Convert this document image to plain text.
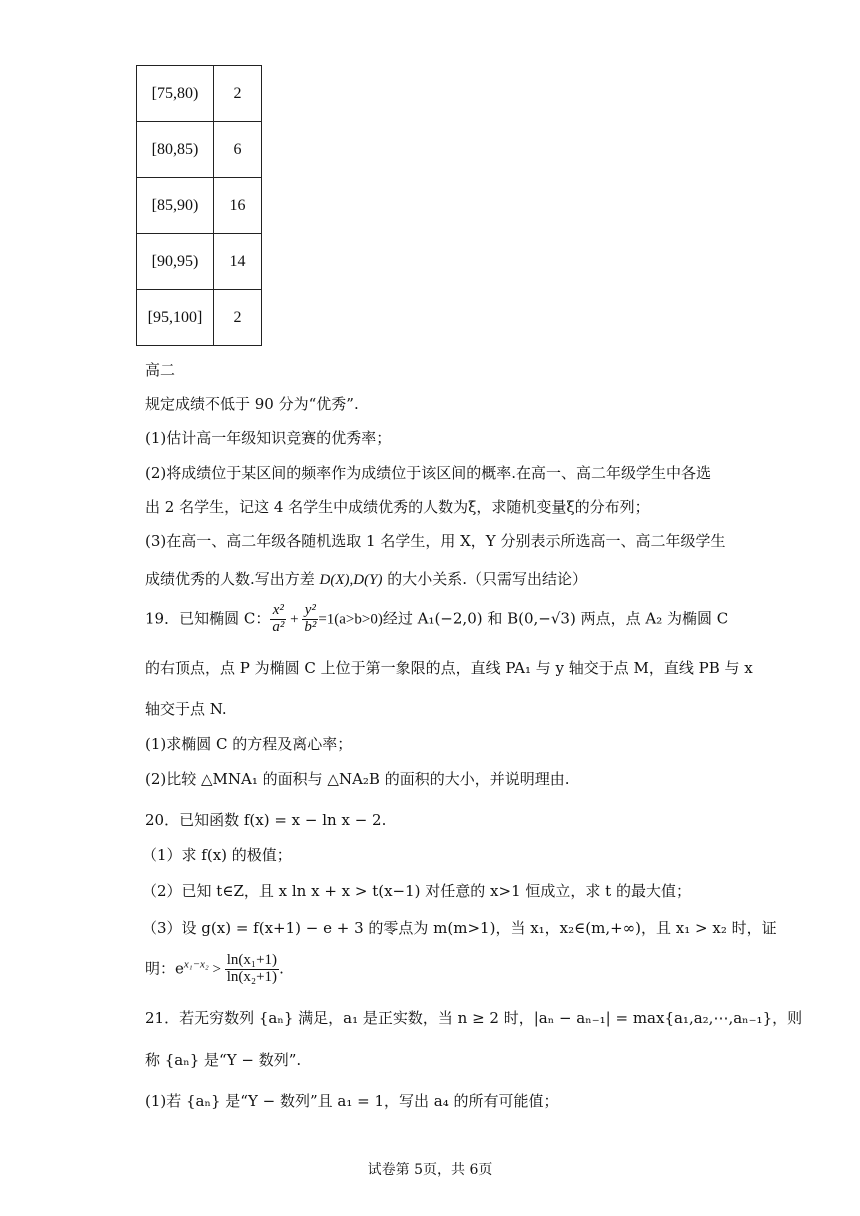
[75,80)	2
[80,85)	6
[85,90)	16
[90,95)	14
[95,100]	2
高二
规定成绩不低于 90 分为“优秀”.
(1)估计高一年级知识竞赛的优秀率；
(2)将成绩位于某区间的频率作为成绩位于该区间的概率.在高一、高二年级学生中各选
出 2 名学生，记这 4 名学生中成绩优秀的人数为ξ，求随机变量ξ的分布列；
(3)在高一、高二年级各随机选取 1 名学生，用 X，Y 分别表示所选高一、高二年级学生
成绩优秀的人数.写出方差 D(X),D(Y) 的大小关系.（只需写出结论）
19．已知椭圆 C： $\frac{\text{x²}}{\text{a²}} + \frac{\text{y²}}{\text{b²}} =1(a>b>0)$经过 A₁(−2,0) 和 B(0,−√3) 两点，点 A₂ 为椭圆 C
的右顶点，点 P 为椭圆 C 上位于第一象限的点，直线 PA₁ 与 y 轴交于点 M，直线 PB 与 x
轴交于点 N.
(1)求椭圆 C 的方程及离心率；
(2)比较 △MNA₁ 的面积与 △NA₂B 的面积的大小，并说明理由.
20．已知函数 f(x) = x − ln x − 2.
（1）求 f(x) 的极值；
（2）已知 t∈Z，且 x ln x + x > t(x−1) 对任意的 x>1 恒成立，求 t 的最大值；
（3）设 g(x) = f(x+1) − e + 3 的零点为 m(m>1)，当 x₁，x₂∈(m,+∞)，且 x₁ > x₂ 时，证
明：$e^{x_1-x_2} > \frac{\text{ln(x₁+1)}}{\text{ln(x₂+1)}}$ .
21．若无穷数列 {aₙ} 满足，a₁ 是正实数，当 n ≥ 2 时，|aₙ − aₙ₋₁| = max{a₁,a₂,⋯,aₙ₋₁}，则
称 {aₙ} 是“Y − 数列”.
(1)若 {aₙ} 是“Y − 数列”且 a₁ = 1，写出 a₄ 的所有可能值；
试卷第 5页，共 6页
